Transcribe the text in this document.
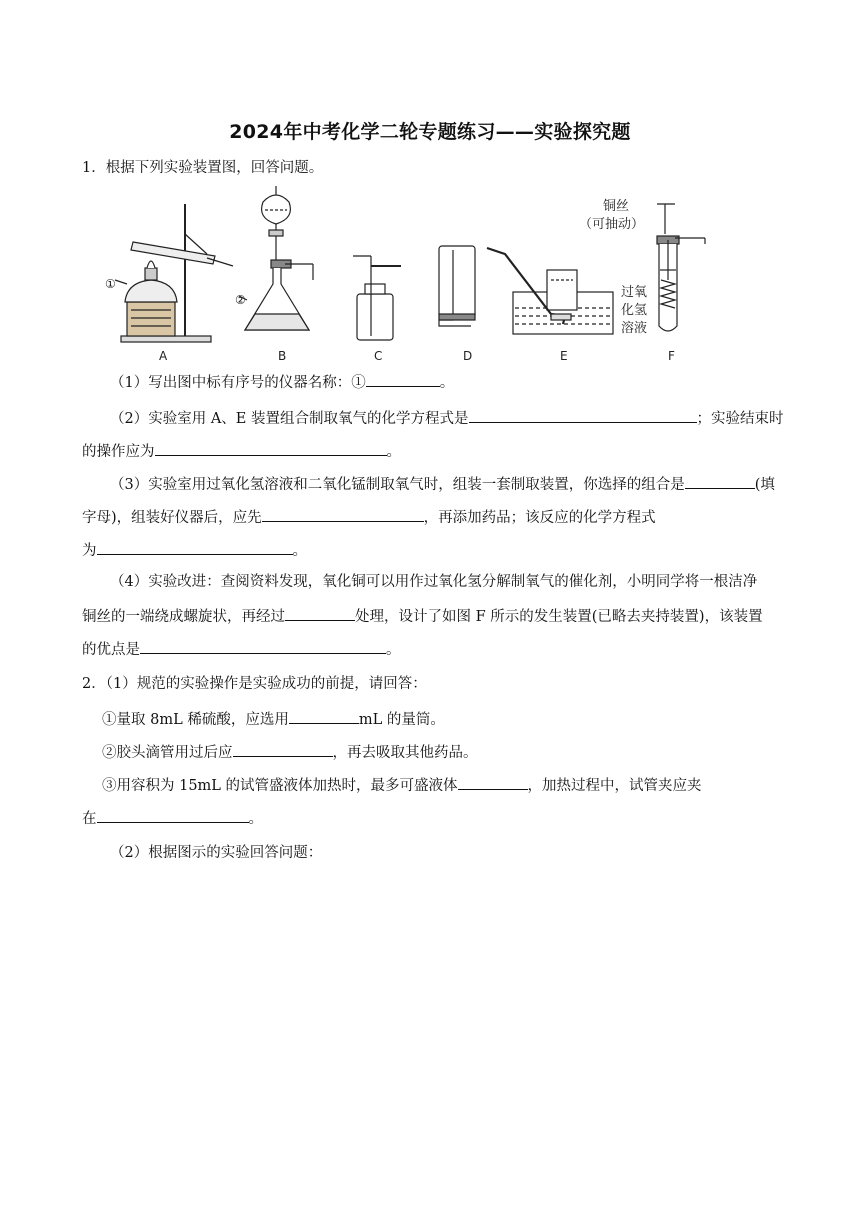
2024年中考化学二轮专题练习——实验探究题
1．根据下列实验装置图，回答问题。
①
②
铜丝
（可抽动）
过氧
化氢
溶液
A	B	C	D	E	F
（1）写出图中标有序号的仪器名称：①	。
（2）实验室用 A、E 装置组合制取氧气的化学方程式是	；实验结束时
的操作应为	。
（3）实验室用过氧化氢溶液和二氧化锰制取氧气时，组装一套制取装置，你选择的组合是	(填
字母)，组装好仪器后，应先	，再添加药品；该反应的化学方程式
为	。
（4）实验改进：查阅资料发现，氧化铜可以用作过氧化氢分解制氧气的催化剂，小明同学将一根洁净
铜丝的一端绕成螺旋状，再经过	处理，设计了如图 F 所示的发生装置(已略去夹持装置)，该装置
的优点是	。
2．（1）规范的实验操作是实验成功的前提，请回答：
①量取 8mL 稀硫酸，应选用	mL 的量筒。
②胶头滴管用过后应	，再去吸取其他药品。
③用容积为 15mL 的试管盛液体加热时，最多可盛液体	，加热过程中，试管夹应夹
在	。
（2）根据图示的实验回答问题：
